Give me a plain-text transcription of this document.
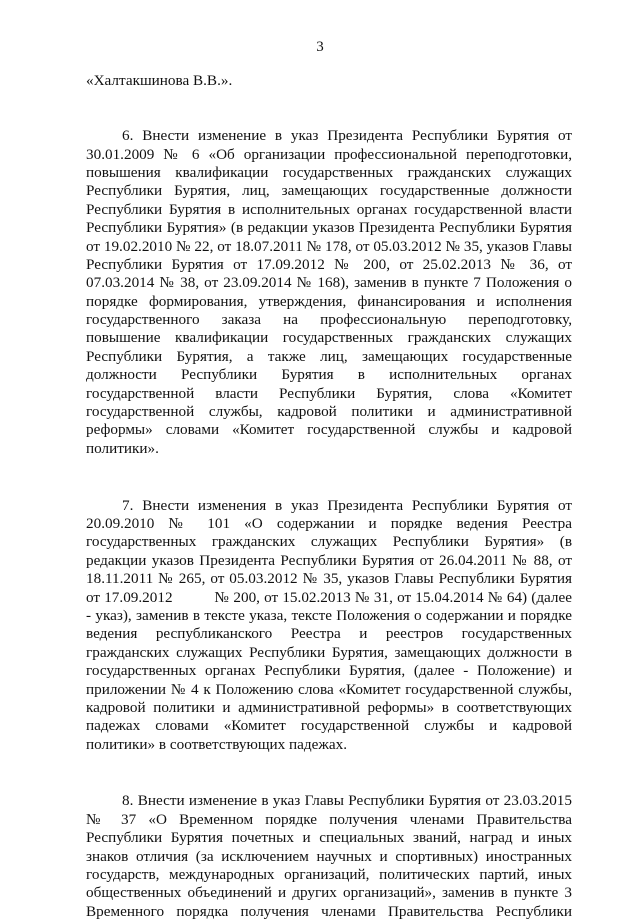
3
«Халтакшинова В.В.».
6. Внести изменение в указ Президента Республики Бурятия от
30.01.2009 № 6 «Об организации профессиональной переподготовки,
повышения квалификации государственных гражданских служащих
Республики Бурятия, лиц, замещающих государственные должности
Республики Бурятия в исполнительных органах государственной власти
Республики Бурятия» (в редакции указов Президента Республики Бурятия
от 19.02.2010 № 22, от 18.07.2011 № 178, от 05.03.2012 № 35, указов Главы
Республики Бурятия от 17.09.2012 № 200, от 25.02.2013 № 36, от
07.03.2014 № 38, от 23.09.2014 № 168), заменив в пункте 7 Положения о
порядке формирования, утверждения, финансирования и исполнения
государственного заказа на профессиональную переподготовку,
повышение квалификации государственных гражданских служащих
Республики Бурятия, а также лиц, замещающих государственные
должности Республики Бурятия в исполнительных органах
государственной власти Республики Бурятия, слова «Комитет
государственной службы, кадровой политики и административной
реформы» словами «Комитет государственной службы и кадровой
политики».
7. Внести изменения в указ Президента Республики Бурятия от
20.09.2010 № 101 «О содержании и порядке ведения Реестра
государственных гражданских служащих Республики Бурятия» (в
редакции указов Президента Республики Бурятия от 26.04.2011 № 88, от
18.11.2011 № 265, от 05.03.2012 № 35, указов Главы Республики Бурятия
от 17.09.2012          № 200, от 15.02.2013 № 31, от 15.04.2014 № 64) (далее
- указ), заменив в тексте указа, тексте Положения о содержании и порядке
ведения республиканского Реестра и реестров государственных
гражданских служащих Республики Бурятия, замещающих должности в
государственных органах Республики Бурятия, (далее - Положение) и
приложении № 4 к Положению слова «Комитет государственной службы,
кадровой политики и административной реформы» в соответствующих
падежах словами «Комитет государственной службы и кадровой
политики» в соответствующих падежах.
8. Внести изменение в указ Главы Республики Бурятия от 23.03.2015
№ 37 «О Временном порядке получения членами Правительства
Республики Бурятия почетных и специальных званий, наград и иных
знаков отличия (за исключением научных и спортивных) иностранных
государств, международных организаций, политических партий, иных
общественных объединений и других организаций», заменив в пункте 3
Временного порядка получения членами Правительства Республики
